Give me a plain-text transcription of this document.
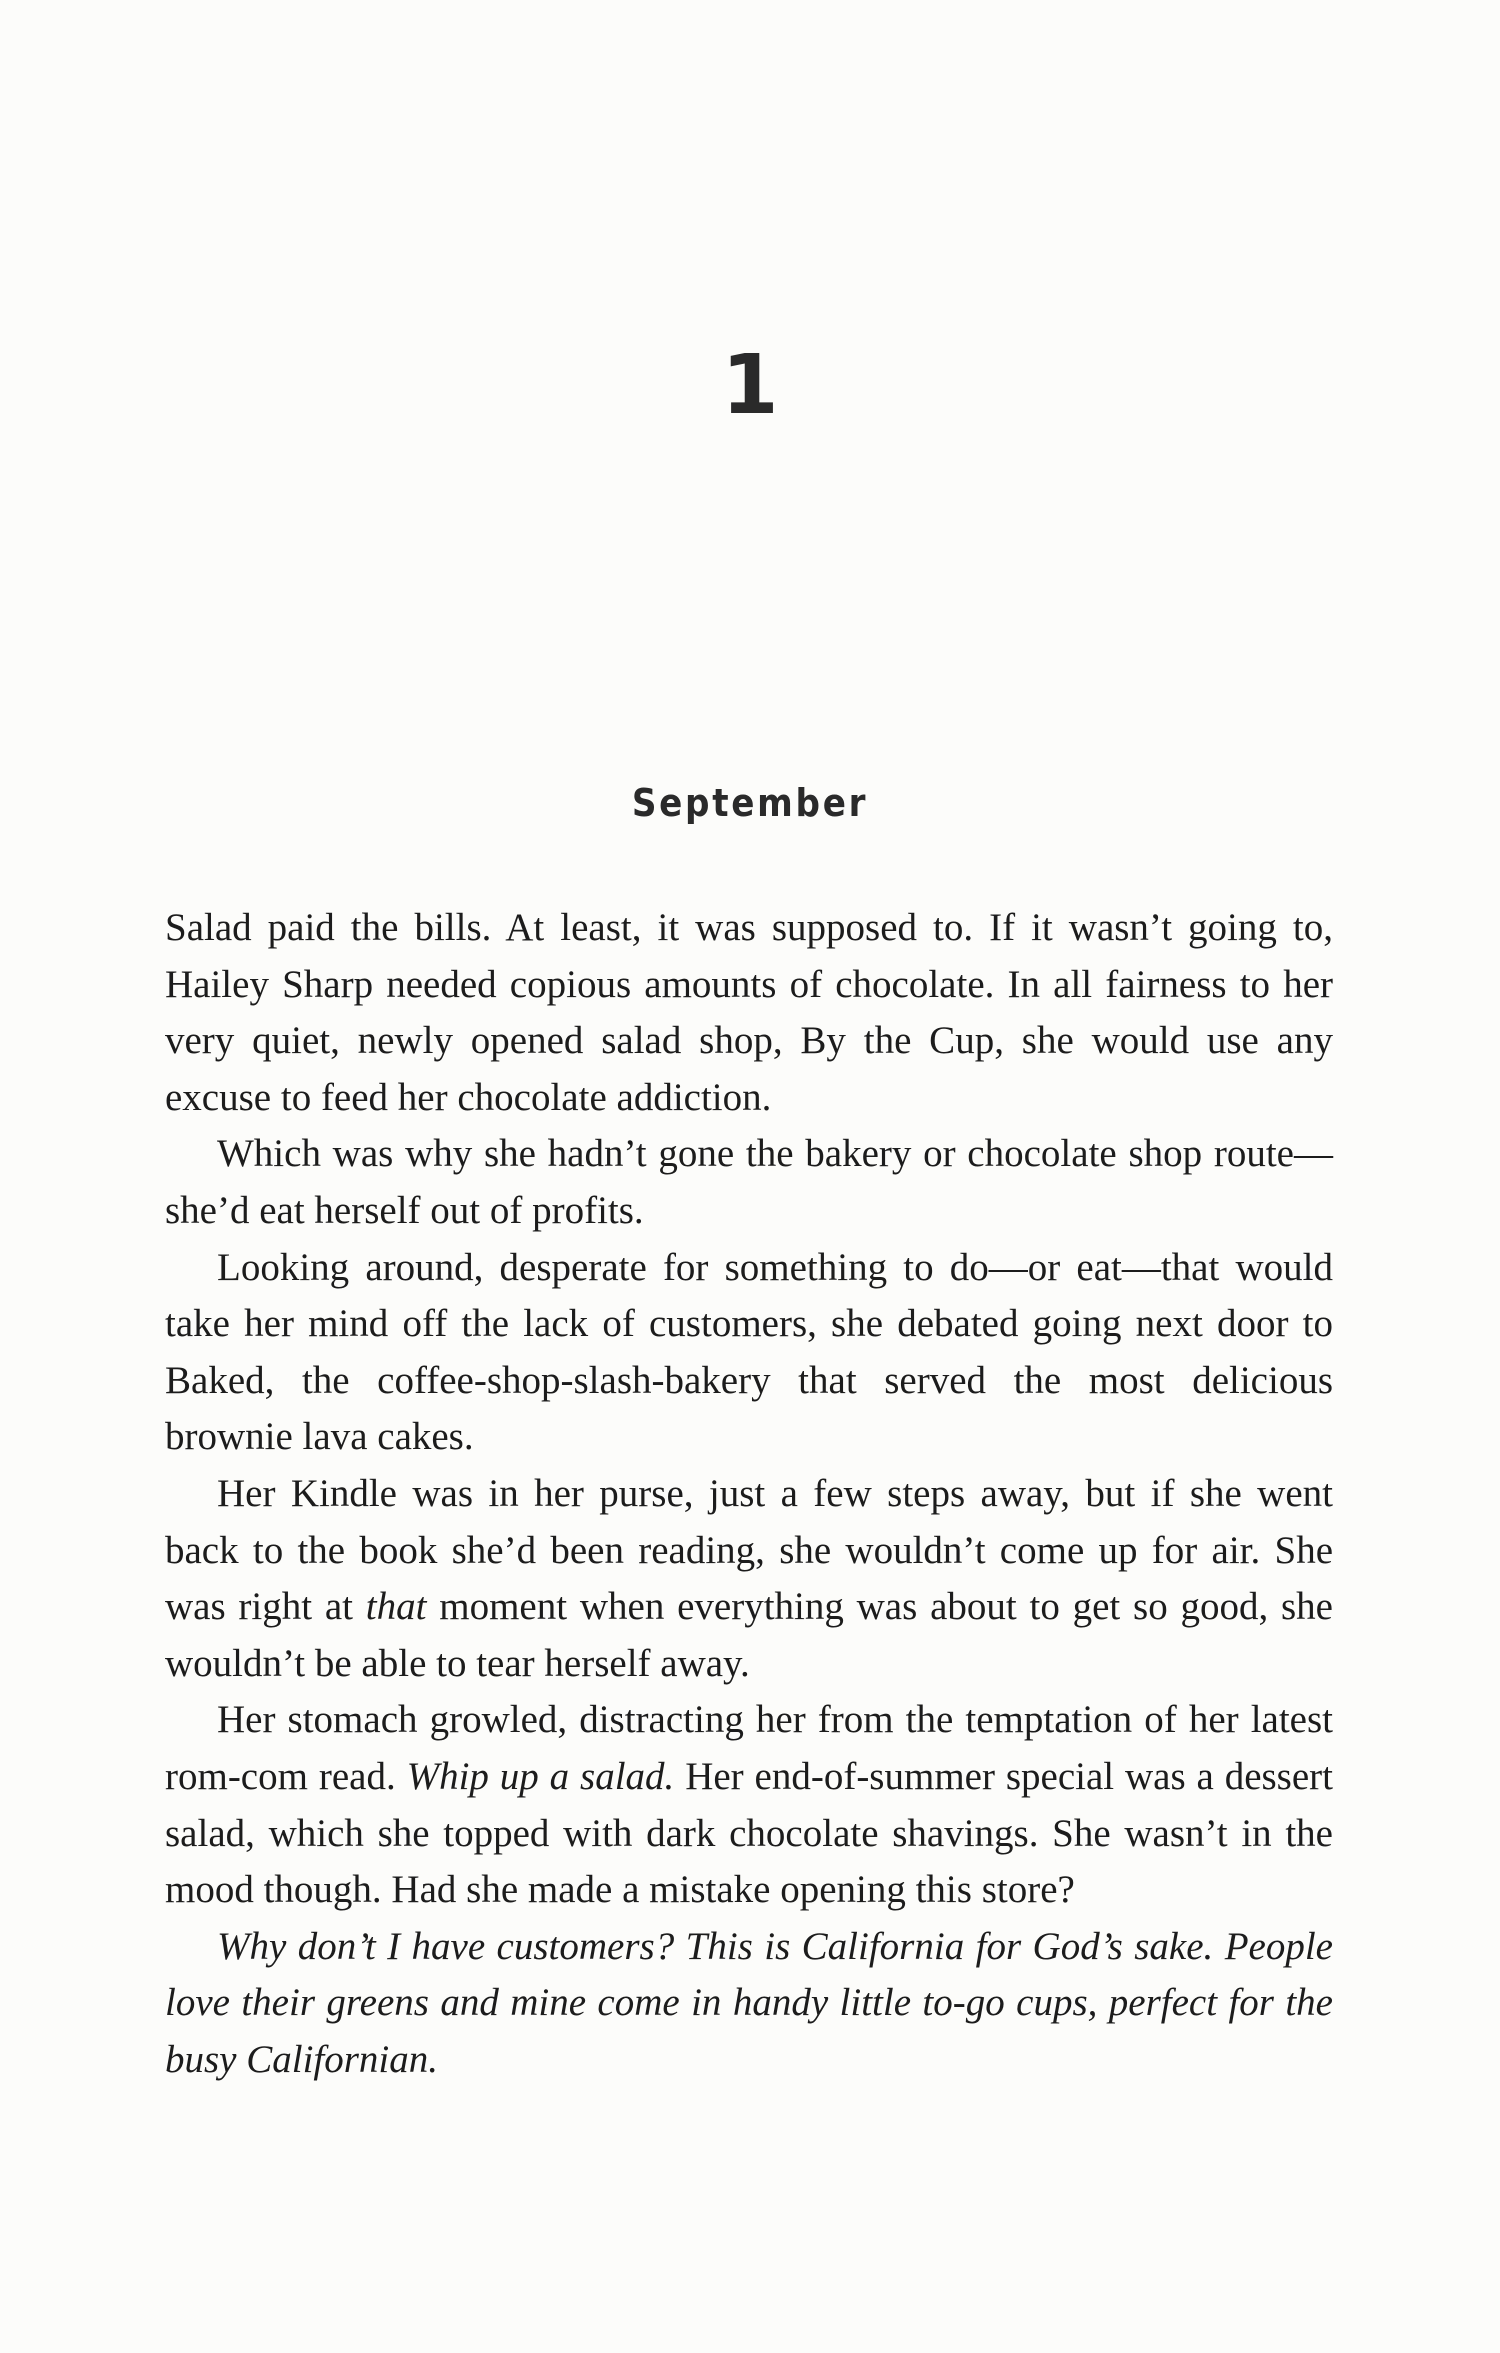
1
September

Salad paid the bills. At least, it was supposed to. If it wasn’t going to, Hailey Sharp needed copious amounts of chocolate. In all fairness to her very quiet, newly opened salad shop, By the Cup, she would use any excuse to feed her chocolate addiction.

Which was why she hadn’t gone the bakery or chocolate shop route—she’d eat herself out of profits.

Looking around, desperate for something to do—or eat—that would take her mind off the lack of customers, she debated going next door to Baked, the coffee-shop-slash-bakery that served the most delicious brownie lava cakes.

Her Kindle was in her purse, just a few steps away, but if she went back to the book she’d been reading, she wouldn’t come up for air. She was right at that moment when everything was about to get so good, she wouldn’t be able to tear herself away.

Her stomach growled, distracting her from the temptation of her latest rom-com read. Whip up a salad. Her end-of-summer special was a dessert salad, which she topped with dark chocolate shavings. She wasn’t in the mood though. Had she made a mistake opening this store?

Why don’t I have customers? This is California for God’s sake. People love their greens and mine come in handy little to-go cups, perfect for the busy Californian.
